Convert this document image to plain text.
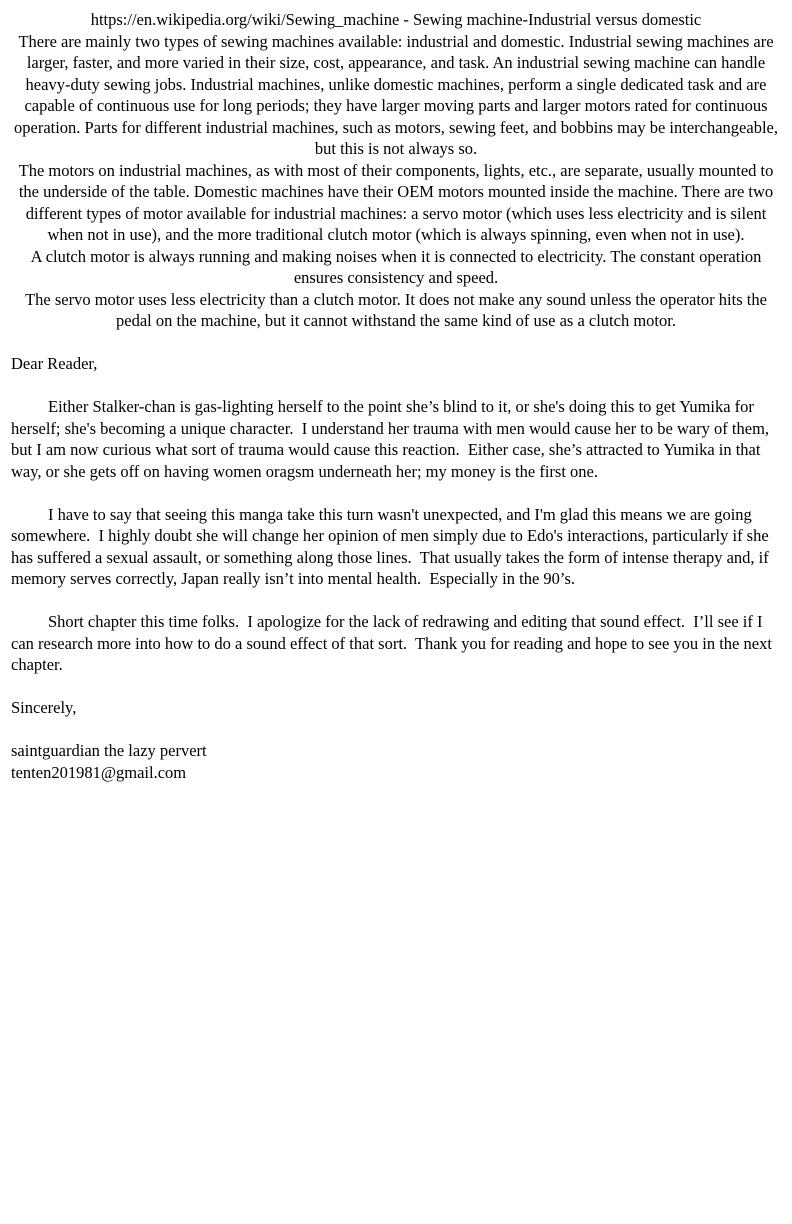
https://en.wikipedia.org/wiki/Sewing_machine - Sewing machine-Industrial versus domestic

There are mainly two types of sewing machines available: industrial and domestic. Industrial sewing machines are larger, faster, and more varied in their size, cost, appearance, and task. An industrial sewing machine can handle heavy-duty sewing jobs. Industrial machines, unlike domestic machines, perform a single dedicated task and are capable of continuous use for long periods; they have larger moving parts and larger motors rated for continuous operation. Parts for different industrial machines, such as motors, sewing feet, and bobbins may be interchangeable, but this is not always so.

The motors on industrial machines, as with most of their components, lights, etc., are separate, usually mounted to the underside of the table. Domestic machines have their OEM motors mounted inside the machine. There are two different types of motor available for industrial machines: a servo motor (which uses less electricity and is silent when not in use), and the more traditional clutch motor (which is always spinning, even when not in use).

A clutch motor is always running and making noises when it is connected to electricity. The constant operation ensures consistency and speed.

The servo motor uses less electricity than a clutch motor. It does not make any sound unless the operator hits the pedal on the machine, but it cannot withstand the same kind of use as a clutch motor.

Dear Reader,

Either Stalker-chan is gas-lighting herself to the point she’s blind to it, or she's doing this to get Yumika for herself; she's becoming a unique character.  I understand her trauma with men would cause her to be wary of them, but I am now curious what sort of trauma would cause this reaction.  Either case, she’s attracted to Yumika in that way, or she gets off on having women oragsm underneath her; my money is the first one.

I have to say that seeing this manga take this turn wasn't unexpected, and I'm glad this means we are going somewhere.  I highly doubt she will change her opinion of men simply due to Edo's interactions, particularly if she has suffered a sexual assault, or something along those lines.  That usually takes the form of intense therapy and, if memory serves correctly, Japan really isn’t into mental health.  Especially in the 90’s.

Short chapter this time folks.  I apologize for the lack of redrawing and editing that sound effect.  I’ll see if I can research more into how to do a sound effect of that sort.  Thank you for reading and hope to see you in the next chapter.

Sincerely,

saintguardian the lazy pervert

tenten201981@gmail.com
